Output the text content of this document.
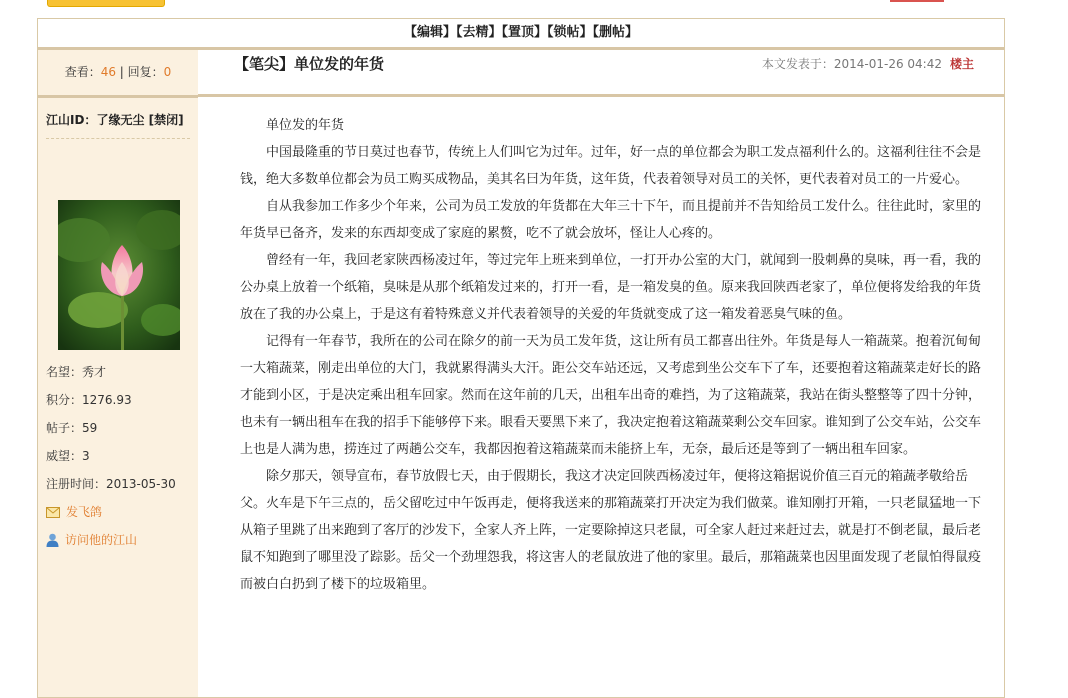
【编辑】【去精】【置顶】【锁帖】【删帖】
查看：46 | 回复：0
江山ID：了缘无尘 [禁闭]
名望：秀才
积分：1276.93
帖子：59
威望：3
注册时间：2013-05-30
发飞鸽
访问他的江山
【笔尖】单位发的年货	本文发表于：2014-01-26 04:42 楼主

单位发的年货

中国最隆重的节日莫过也春节，传统上人们叫它为过年。过年，好一点的单位都会为职工发点福利什么的。这福利往往不会是钱，绝大多数单位都会为员工购买成物品，美其名曰为年货，这年货，代表着领导对员工的关怀，更代表着对员工的一片爱心。

自从我参加工作多少个年来，公司为员工发放的年货都在大年三十下午，而且提前并不告知给员工发什么。往往此时，家里的年货早已备齐，发来的东西却变成了家庭的累赘，吃不了就会放坏，怪让人心疼的。

曾经有一年，我回老家陕西杨凌过年，等过完年上班来到单位，一打开办公室的大门，就闻到一股刺鼻的臭味，再一看，我的公办桌上放着一个纸箱，臭味是从那个纸箱发过来的，打开一看，是一箱发臭的鱼。原来我回陕西老家了，单位便将发给我的年货放在了我的办公桌上，于是这有着特殊意义并代表着领导的关爱的年货就变成了这一箱发着恶臭气味的鱼。

记得有一年春节，我所在的公司在除夕的前一天为员工发年货，这让所有员工都喜出往外。年货是每人一箱蔬菜。抱着沉甸甸一大箱蔬菜，刚走出单位的大门，我就累得满头大汗。距公交车站还远，又考虑到坐公交车下了车，还要抱着这箱蔬菜走好长的路才能到小区，于是决定乘出租车回家。然而在这年前的几天，出租车出奇的难挡，为了这箱蔬菜，我站在街头整整等了四十分钟，也未有一辆出租车在我的招手下能够停下来。眼看天要黑下来了，我决定抱着这箱蔬菜剩公交车回家。谁知到了公交车站，公交车上也是人满为患，捞连过了两趟公交车，我都因抱着这箱蔬菜而未能挤上车，无奈，最后还是等到了一辆出租车回家。

除夕那天，领导宣布，春节放假七天，由于假期长，我这才决定回陕西杨凌过年，便将这箱据说价值三百元的箱蔬孝敬给岳父。火车是下午三点的，岳父留吃过中午饭再走，便将我送来的那箱蔬菜打开决定为我们做菜。谁知刚打开箱，一只老鼠猛地一下从箱子里跳了出来跑到了客厅的沙发下，全家人齐上阵，一定要除掉这只老鼠，可全家人赶过来赶过去，就是打不倒老鼠，最后老鼠不知跑到了哪里没了踪影。岳父一个劲埋怨我，将这害人的老鼠放进了他的家里。最后，那箱蔬菜也因里面发现了老鼠怕得鼠疫而被白白扔到了楼下的垃圾箱里。
